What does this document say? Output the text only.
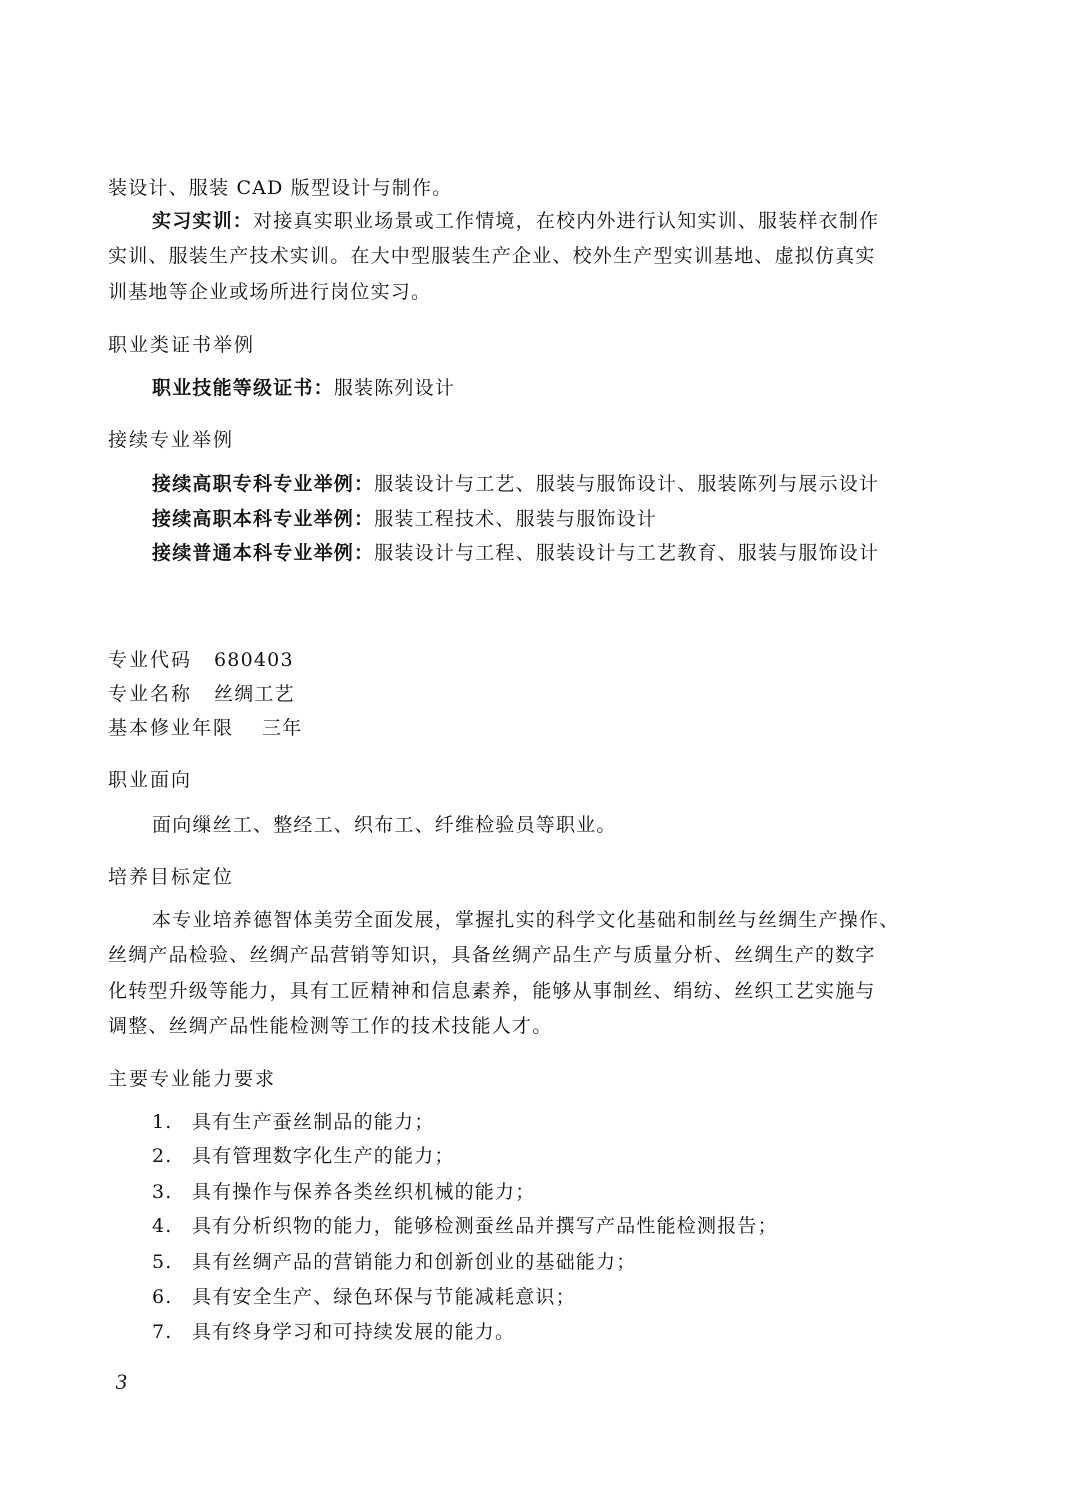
装设计、服装 CAD 版型设计与制作。
实习实训：对接真实职业场景或工作情境，在校内外进行认知实训、服装样衣制作
实训、服装生产技术实训。在大中型服装生产企业、校外生产型实训基地、虚拟仿真实
训基地等企业或场所进行岗位实习。
职业类证书举例
职业技能等级证书：服装陈列设计
接续专业举例
接续高职专科专业举例：服装设计与工艺、服装与服饰设计、服装陈列与展示设计
接续高职本科专业举例：服装工程技术、服装与服饰设计
接续普通本科专业举例：服装设计与工程、服装设计与工艺教育、服装与服饰设计
专业代码 680403
专业名称 丝绸工艺
基本修业年限 三年
职业面向
面向缫丝工、整经工、织布工、纤维检验员等职业。
培养目标定位
本专业培养德智体美劳全面发展，掌握扎实的科学文化基础和制丝与丝绸生产操作、
丝绸产品检验、丝绸产品营销等知识，具备丝绸产品生产与质量分析、丝绸生产的数字
化转型升级等能力，具有工匠精神和信息素养，能够从事制丝、绢纺、丝织工艺实施与
调整、丝绸产品性能检测等工作的技术技能人才。
主要专业能力要求
1. 具有生产蚕丝制品的能力；
2. 具有管理数字化生产的能力；
3. 具有操作与保养各类丝织机械的能力；
4. 具有分析织物的能力，能够检测蚕丝品并撰写产品性能检测报告；
5. 具有丝绸产品的营销能力和创新创业的基础能力；
6. 具有安全生产、绿色环保与节能减耗意识；
7. 具有终身学习和可持续发展的能力。
3
